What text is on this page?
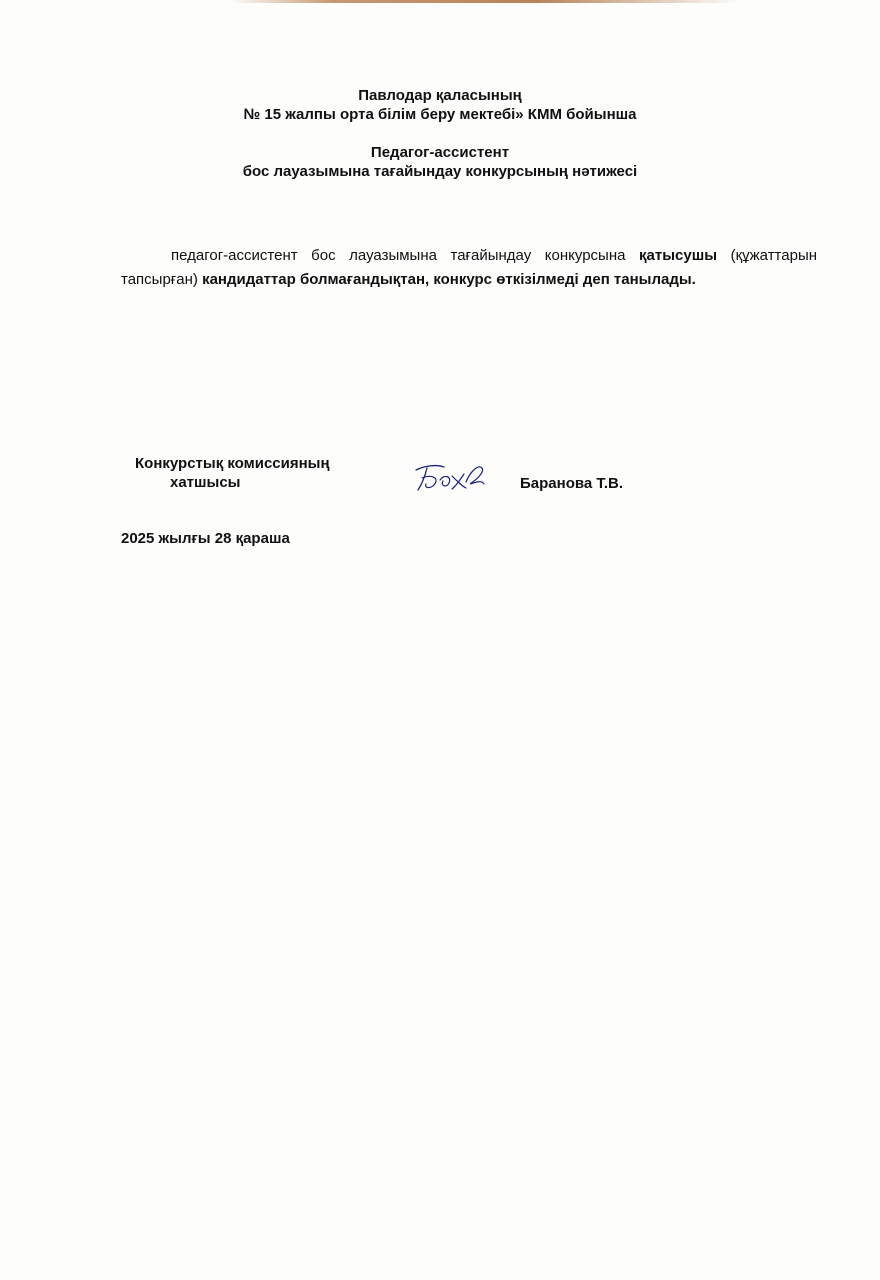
Павлодар қаласының
№ 15 жалпы орта білім беру мектебі» КММ бойынша
Педагог-ассистент
бос лауазымына тағайындау конкурсының нәтижесі

педагог-ассистент бос лауазымына тағайындау конкурсына қатысушы (құжаттарын тапсырған) кандидаттар болмағандықтан, конкурс өткізілмеді деп танылады.

Конкурстық комиссияның
хатшысы	Баранова Т.В.
2025 жылғы 28 қараша
